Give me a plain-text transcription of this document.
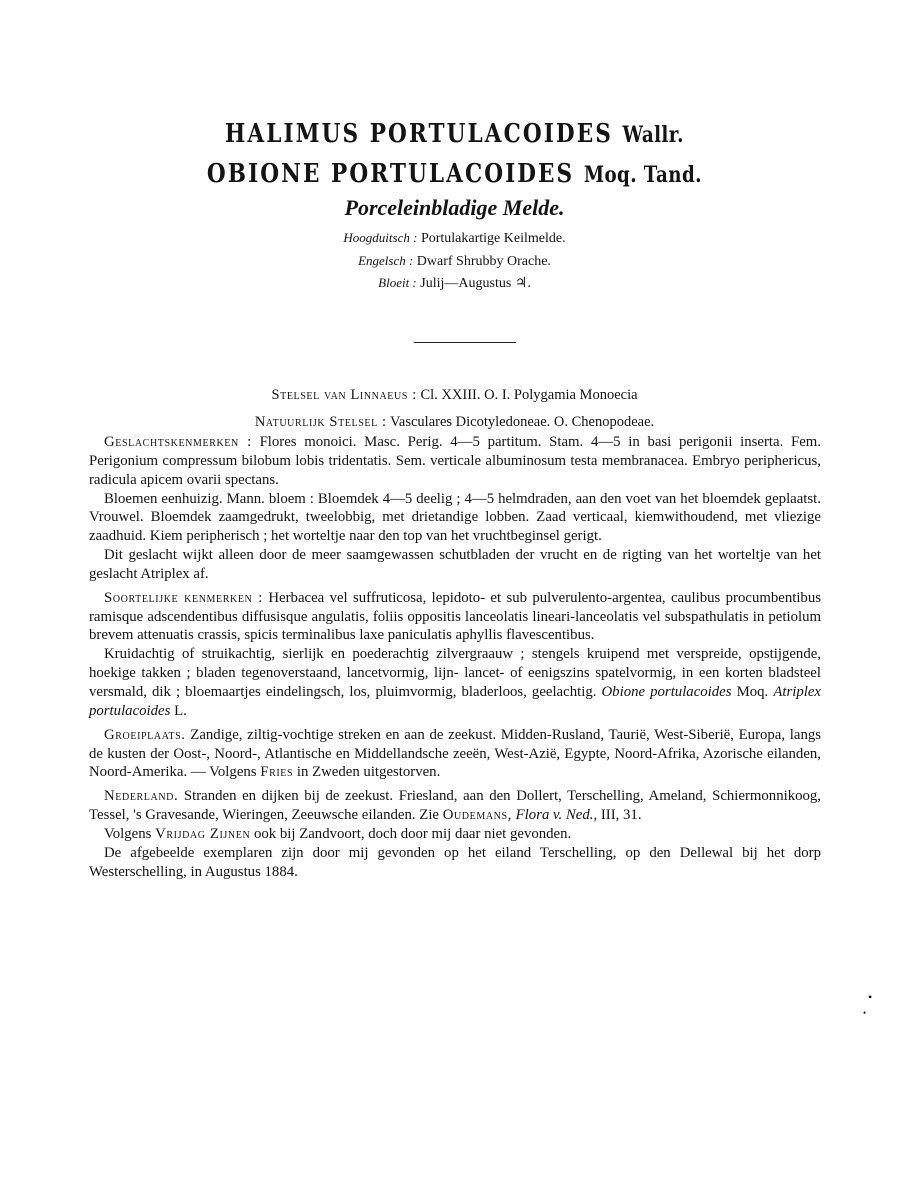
HALIMUS PORTULACOIDES Wallr.
OBIONE PORTULACOIDES Moq. Tand.
Porceleinbladige Melde.
Hoogduitsch : Portulakartige Keilmelde.
Engelsch : Dwarf Shrubby Orache.
Bloeit : Julij—Augustus ♃.
Stelsel van Linnaeus : Cl. XXIII. O. I. Polygamia Monoecia
Natuurlijk Stelsel : Vasculares Dicotyledoneae. O. Chenopodeae.

Geslachtskenmerken : Flores monoici. Masc. Perig. 4—5 partitum. Stam. 4—5 in basi perigonii inserta. Fem. Perigonium compressum bilobum lobis tridentatis. Sem. verticale albuminosum testa membranacea. Embryo periphericus, radicula apicem ovarii spectans.

Bloemen eenhuizig. Mann. bloem : Bloemdek 4—5 deelig ; 4—5 helmdraden, aan den voet van het bloemdek geplaatst. Vrouwel. Bloemdek zaamgedrukt, tweelobbig, met drietandige lobben. Zaad verticaal, kiemwithoudend, met vliezige zaadhuid. Kiem peripherisch ; het worteltje naar den top van het vruchtbeginsel gerigt.

Dit geslacht wijkt alleen door de meer saamgewassen schutbladen der vrucht en de rigting van het worteltje van het geslacht Atriplex af.

Soortelijke kenmerken : Herbacea vel suffruticosa, lepidoto- et sub pulverulento-argentea, caulibus procumbentibus ramisque adscendentibus diffusisque angulatis, foliis oppositis lanceolatis lineari-lanceolatis vel subspathulatis in petiolum brevem attenuatis crassis, spicis terminalibus laxe paniculatis aphyllis flavescentibus.

Kruidachtig of struikachtig, sierlijk en poederachtig zilvergraauw ; stengels kruipend met verspreide, opstijgende, hoekige takken ; bladen tegenoverstaand, lancetvormig, lijn- lancet- of eenigszins spatelvormig, in een korten bladsteel versmald, dik ; bloemaartjes eindelingsch, los, pluimvormig, bladerloos, geelachtig. Obione portulacoides Moq. Atriplex portulacoides L.

Groeiplaats. Zandige, ziltig-vochtige streken en aan de zeekust. Midden-Rusland, Taurië, West-Siberië, Europa, langs de kusten der Oost-, Noord-, Atlantische en Middellandsche zeeën, West-Azië, Egypte, Noord-Afrika, Azorische eilanden, Noord-Amerika. — Volgens Fries in Zweden uitgestorven.

Nederland. Stranden en dijken bij de zeekust. Friesland, aan den Dollert, Terschelling, Ameland, Schiermonnikoog, Tessel, 's Gravesande, Wieringen, Zeeuwsche eilanden. Zie Oudemans, Flora v. Ned., III, 31.

Volgens Vrijdag Zijnen ook bij Zandvoort, doch door mij daar niet gevonden.

De afgebeelde exemplaren zijn door mij gevonden op het eiland Terschelling, op den Dellewal bij het dorp Westerschelling, in Augustus 1884.

•
•
